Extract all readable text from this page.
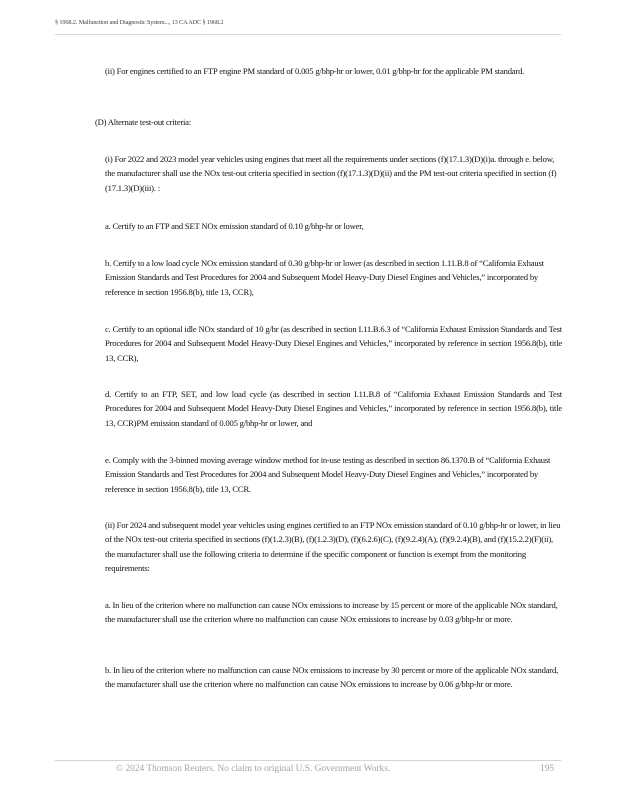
§ 1968.2. Malfunction and Diagnostic System..., 13 CA ADC § 1968.2

(ii) For engines certified to an FTP engine PM standard of 0.005 g/bhp-hr or lower, 0.01 g/bhp-hr for the applicable PM standard.

(D) Alternate test-out criteria:

(i) For 2022 and 2023 model year vehicles using engines that meet all the requirements under sections (f)(17.1.3)(D)(i)a. through e. below, the manufacturer shall use the NOx test-out criteria specified in section (f)(17.1.3)(D)(ii) and the PM test-out criteria specified in section (f)(17.1.3)(D)(iii). :

a. Certify to an FTP and SET NOx emission standard of 0.10 g/bhp-hr or lower,

b. Certify to a low load cycle NOx emission standard of 0.30 g/bhp-hr or lower (as described in section 1.11.B.8 of “California Exhaust Emission Standards and Test Procedures for 2004 and Subsequent Model Heavy-Duty Diesel Engines and Vehicles,” incorporated by reference in section 1956.8(b), title 13, CCR),

c. Certify to an optional idle NOx standard of 10 g/hr (as described in section I.11.B.6.3 of “California Exhaust Emission Standards and Test Procedures for 2004 and Subsequent Model Heavy-Duty Diesel Engines and Vehicles,” incorporated by reference in section 1956.8(b), title 13, CCR),

d. Certify to an FTP, SET, and low load cycle (as described in section I.11.B.8 of “California Exhaust Emission Standards and Test Procedures for 2004 and Subsequent Model Heavy-Duty Diesel Engines and Vehicles,” incorporated by reference in section 1956.8(b), title 13, CCR)PM emission standard of 0.005 g/bhp-hr or lower, and

e. Comply with the 3-binned moving average window method for in-use testing as described in section 86.1370.B of “California Exhaust Emission Standards and Test Procedures for 2004 and Subsequent Model Heavy-Duty Diesel Engines and Vehicles,” incorporated by reference in section 1956.8(b), title 13, CCR.

(ii) For 2024 and subsequent model year vehicles using engines certified to an FTP NOx emission standard of 0.10 g/bhp-hr or lower, in lieu of the NOx test-out criteria specified in sections (f)(1.2.3)(B), (f)(1.2.3)(D), (f)(6.2.6)(C), (f)(9.2.4)(A), (f)(9.2.4)(B), and (f)(15.2.2)(F)(ii), the manufacturer shall use the following criteria to determine if the specific component or function is exempt from the monitoring requirements:

a. In lieu of the criterion where no malfunction can cause NOx emissions to increase by 15 percent or more of the applicable NOx standard, the manufacturer shall use the criterion where no malfunction can cause NOx emissions to increase by 0.03 g/bhp-hr or more.

b. In lieu of the criterion where no malfunction can cause NOx emissions to increase by 30 percent or more of the applicable NOx standard, the manufacturer shall use the criterion where no malfunction can cause NOx emissions to increase by 0.06 g/bhp-hr or more.

© 2024 Thomson Reuters. No claim to original U.S. Government Works.	195
